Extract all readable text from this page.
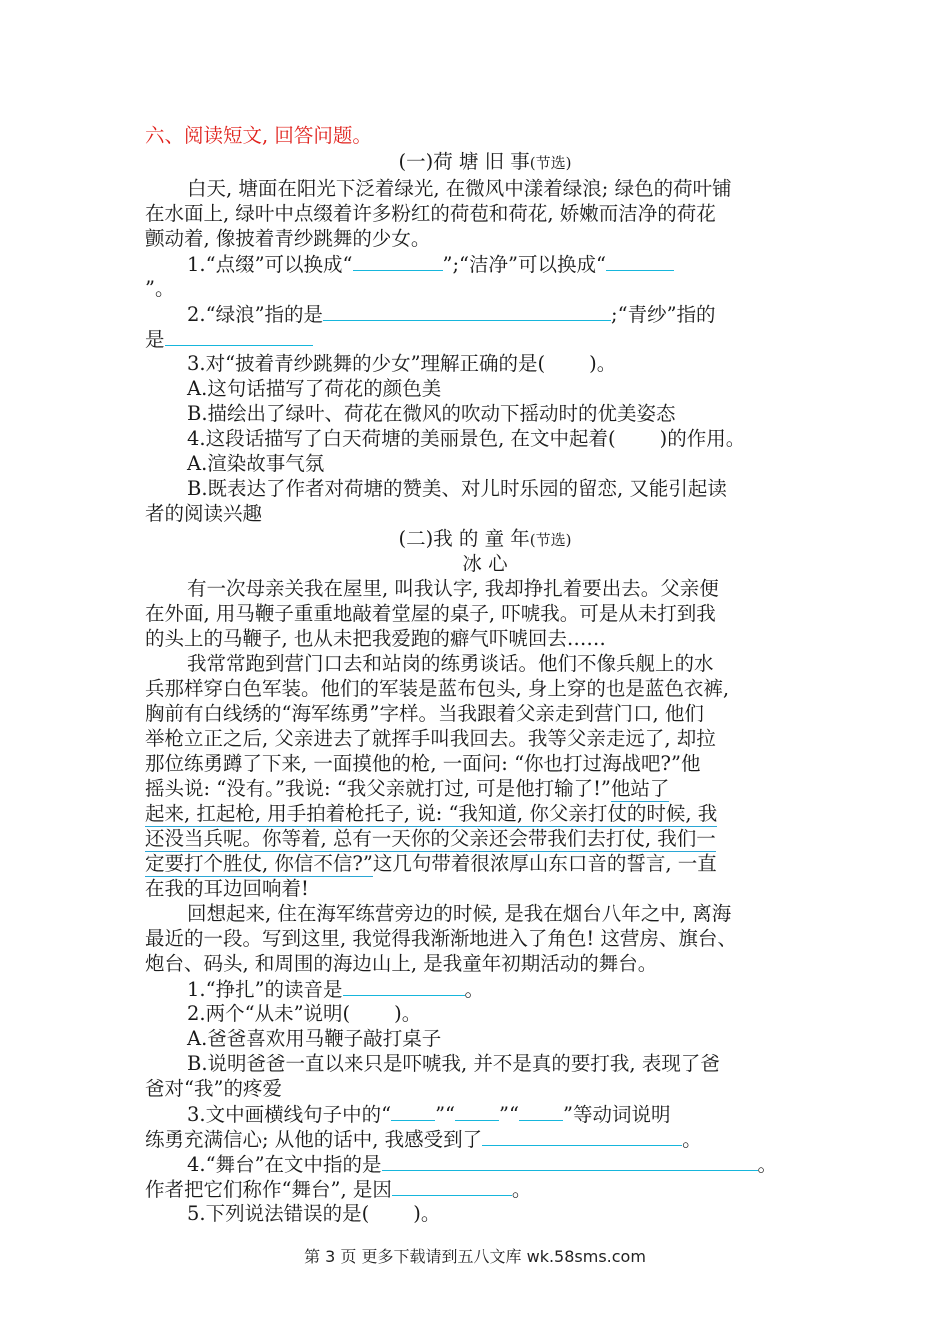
六、阅读短文, 回答问题。
(一)荷 塘 旧 事(节选)
白天, 塘面在阳光下泛着绿光, 在微风中漾着绿浪; 绿色的荷叶铺
在水面上, 绿叶中点缀着许多粉红的荷苞和荷花, 娇嫩而洁净的荷花
颤动着, 像披着青纱跳舞的少女。
1.“点缀”可以换成“	”;“洁净”可以换成“
”。
2.“绿浪”指的是	;“青纱”指的
是
3.对“披着青纱跳舞的少女”理解正确的是( )。
A.这句话描写了荷花的颜色美
B.描绘出了绿叶、荷花在微风的吹动下摇动时的优美姿态
4.这段话描写了白天荷塘的美丽景色, 在文中起着( )的作用。
A.渲染故事气氛
B.既表达了作者对荷塘的赞美、对儿时乐园的留恋, 又能引起读
者的阅读兴趣
(二)我 的 童 年(节选)
冰 心
有一次母亲关我在屋里, 叫我认字, 我却挣扎着要出去。父亲便
在外面, 用马鞭子重重地敲着堂屋的桌子, 吓唬我。可是从未打到我
的头上的马鞭子, 也从未把我爱跑的癖气吓唬回去……
我常常跑到营门口去和站岗的练勇谈话。他们不像兵舰上的水
兵那样穿白色军装。他们的军装是蓝布包头, 身上穿的也是蓝色衣裤,
胸前有白线绣的“海军练勇”字样。当我跟着父亲走到营门口, 他们
举枪立正之后, 父亲进去了就挥手叫我回去。我等父亲走远了, 却拉
那位练勇蹲了下来, 一面摸他的枪, 一面问: “你也打过海战吧?”他
摇头说: “没有。”我说: “我父亲就打过, 可是他打输了!”他站了
起来, 扛起枪, 用手拍着枪托子, 说: “我知道, 你父亲打仗的时候, 我
还没当兵呢。你等着, 总有一天你的父亲还会带我们去打仗, 我们一
定要打个胜仗, 你信不信?”这几句带着很浓厚山东口音的誓言, 一直
在我的耳边回响着!
回想起来, 住在海军练营旁边的时候, 是我在烟台八年之中, 离海
最近的一段。写到这里, 我觉得我渐渐地进入了角色! 这营房、旗台、
炮台、码头, 和周围的海边山上, 是我童年初期活动的舞台。
1.“挣扎”的读音是	。
2.两个“从未”说明( )。
A.爸爸喜欢用马鞭子敲打桌子
B.说明爸爸一直以来只是吓唬我, 并不是真的要打我, 表现了爸
爸对“我”的疼爱
3.文中画横线句子中的“ ”“ ”“ ”等动词说明
练勇充满信心; 从他的话中, 我感受到了	。
4.“舞台”在文中指的是	。
作者把它们称作“舞台”, 是因	。
5.下列说法错误的是( )。
第 3 页 更多下载请到五八文库 wk.58sms.com
